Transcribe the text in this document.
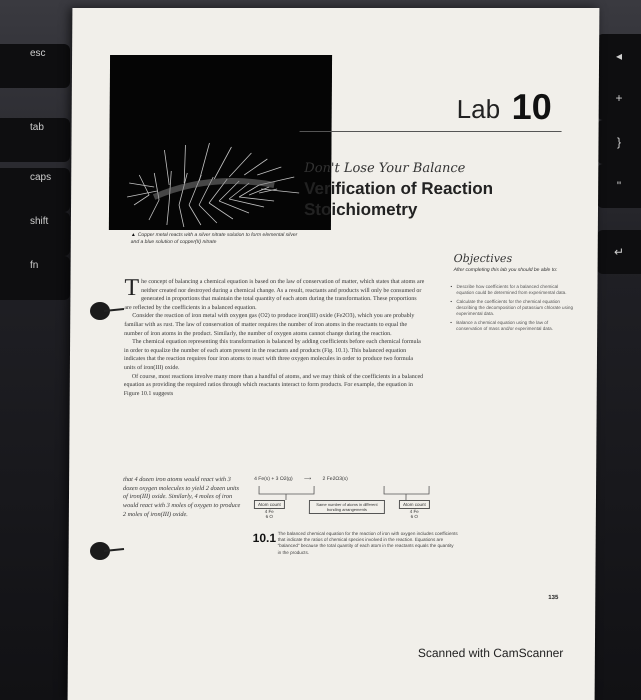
esc
tab
caps
shift
fn
◂
+
}
"
↵
▲ Copper metal reacts with a silver nitrate solution to form elemental silver and a blue solution of copper(II) nitrate
Lab 10
Don't Lose Your Balance
Verification of Reaction Stoichiometry
Objectives
After completing this lab you should be able to:
• Describe how coefficients for a balanced chemical equation could be determined from experimental data.
• Calculate the coefficients for the chemical equation describing the decomposition of potassium chlorate using experimental data.
• Balance a chemical equation using the law of conservation of mass and/or experimental data.

The concept of balancing a chemical equation is based on the law of conservation of matter, which states that atoms are neither created nor destroyed during a chemical change. As a result, reactants and products will only be consumed or generated in proportions that maintain the total quantity of each atom during the transformation. These proportions are reflected by the coefficients in a balanced equation.

Consider the reaction of iron metal with oxygen gas (O2) to produce iron(III) oxide (Fe2O3), which you are probably familiar with as rust. The law of conservation of matter requires the number of iron atoms in the reactants to equal the number of iron atoms in the product. Similarly, the number of oxygen atoms cannot change during the reaction.

The chemical equation representing this transformation is balanced by adding coefficients before each chemical formula in order to equalize the number of each atom present in the reactants and products (Fig. 10.1). This balanced equation indicates that the reaction requires four iron atoms to react with three oxygen molecules in order to produce two formula units of iron(III) oxide.

Of course, most reactions involve many more than a handful of atoms, and we may think of the coefficients in a balanced equation as providing the required ratios through which reactants interact to form products. For example, the equation in Figure 10.1 suggests

that 4 dozen iron atoms would react with 3 dozen oxygen molecules to yield 2 dozen units of iron(III) oxide. Similarly, 4 moles of iron would react with 3 moles of oxygen to produce 2 moles of iron(III) oxide.
4 Fe(s) + 3 O2(g) ⟶ 2 Fe2O3(s)
Atom count
4 Fe
6 O
Same number of atoms in different bonding arrangements
Atom count
4 Fe
6 O
10.1 The balanced chemical equation for the reaction of iron with oxygen includes coefficients that indicate the ratios of chemical species involved in the reaction. Equations are "balanced" because the total quantity of each atom in the reactants equals the quantity in the products.
135
Scanned with CamScanner
